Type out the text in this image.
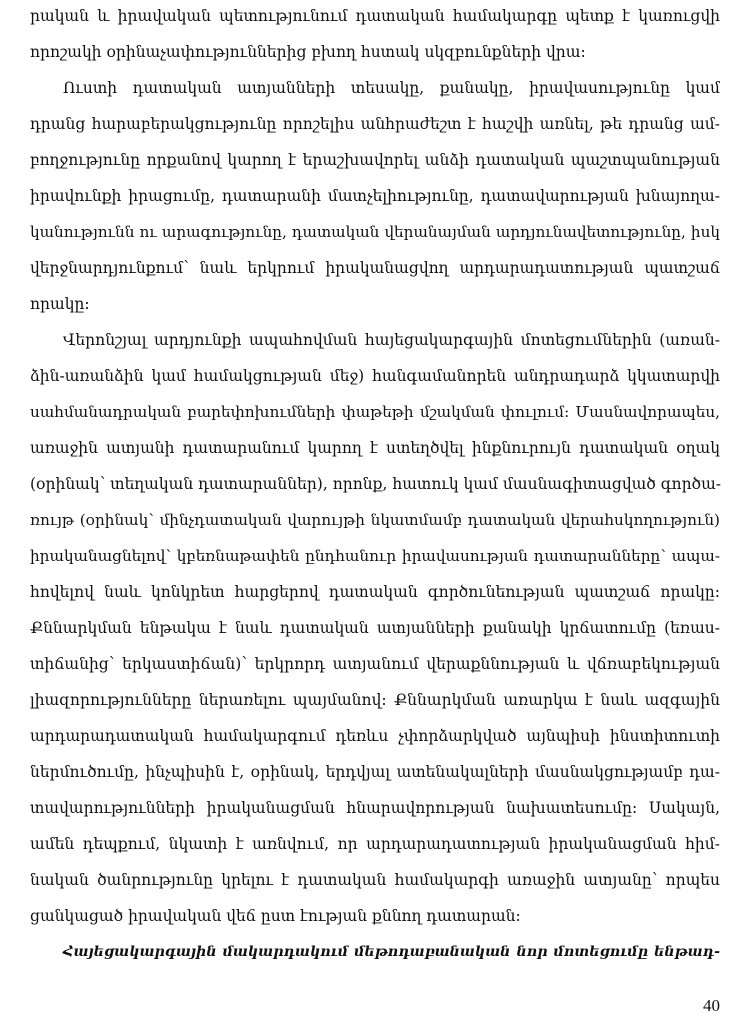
րական և իրավական պետությունում դատական համակարգը պետք է կառուցվի
որոշակի օրինաչափություններից բխող հստակ սկզբունքների վրա:
Ուստի դատական ատյանների տեսակը, քանակը, իրավասությունը կամ
դրանց հարաբերակցությունը որոշելիս անհրաժեշտ է հաշվի առնել, թե դրանց ամ-
բողջությունը որքանով կարող է երաշխավորել անձի դատական պաշտպանության
իրավունքի իրացումը, դատարանի մատչելիությունը, դատավարության խնայողա-
կանությունն ու արագությունը, դատական վերանայման արդյունավետությունը, իսկ
վերջնարդյունքում՝ նաև երկրում իրականացվող արդարադատության պատշաճ
որակը:
Վերոնշյալ արդյունքի ապահովման հայեցակարգային մոտեցումներին (առան-
ձին-առանձին կամ համակցության մեջ) հանգամանորեն անդրադարձ կկատարվի
սահմանադրական բարեփոխումների փաթեթի մշակման փուլում: Մասնավորապես,
առաջին ատյանի դատարանում կարող է ստեղծվել ինքնուրույն դատական օղակ
(օրինակ՝ տեղական դատարաններ), որոնք, հատուկ կամ մասնագիտացված գործա-
ռույթ (օրինակ՝ մինչդատական վարույթի նկատմամբ դատական վերահսկողություն)
իրականացնելով՝ կբեռնաթափեն ընդհանուր իրավասության դատարանները՝ ապա-
հովելով նաև կոնկրետ հարցերով դատական գործունեության պատշաճ որակը:
Քննարկման ենթակա է նաև դատական ատյանների քանակի կրճատումը (եռաս-
տիճանից՝ երկաստիճան)՝ երկրորդ ատյանում վերաքննության և վճռաբեկության
լիազորությունները ներառելու պայմանով: Քննարկման առարկա է նաև ազգային
արդարադատական համակարգում դեռևս չփորձարկված այնպիսի ինստիտուտի
ներմուծումը, ինչպիսին է, օրինակ, երդվյալ ատենակալների մասնակցությամբ դա-
տավարությունների իրականացման հնարավորության նախատեսումը: Սակայն,
ամեն դեպքում, նկատի է առնվում, որ արդարադատության իրականացման հիմ-
նական ծանրությունը կրելու է դատական համակարգի առաջին ատյանը՝ որպես
ցանկացած իրավական վեճ ըստ էության քննող դատարան:
Հայեցակարգային մակարդակում մեթոդաբանական նոր մոտեցումը ենթադ-
40
